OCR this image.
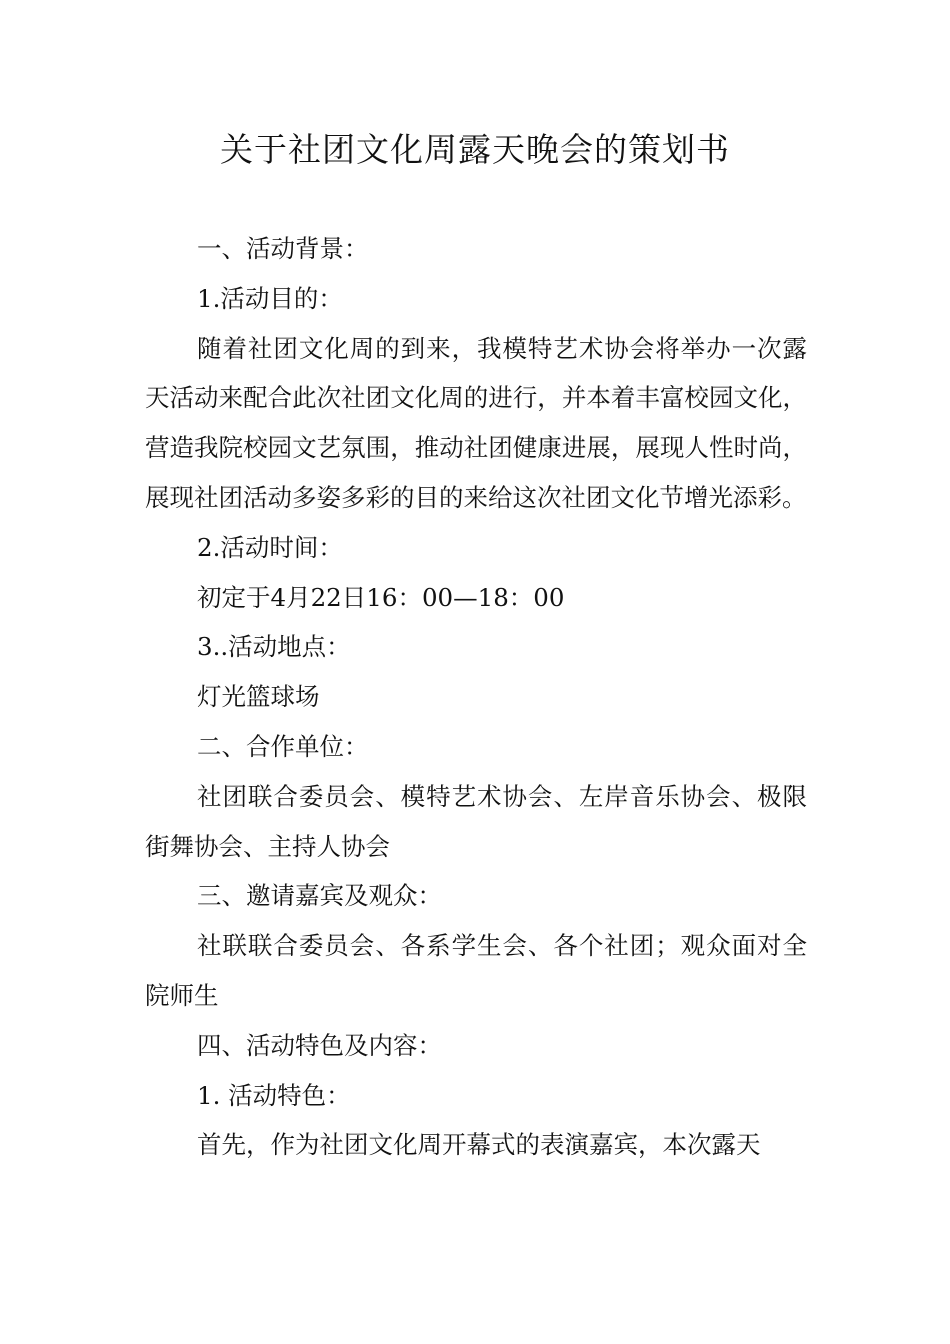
关于社团文化周露天晚会的策划书

一、活动背景：

1.活动目的：

随着社团文化周的到来，我模特艺术协会将举办一次露天活动来配合此次社团文化周的进行，并本着丰富校园文化，营造我院校园文艺氛围，推动社团健康进展，展现人性时尚，展现社团活动多姿多彩的目的来给这次社团文化节增光添彩。

2.活动时间：

初定于4月22日16：00—18：00

3..活动地点：

灯光篮球场

二、合作单位：

社团联合委员会、模特艺术协会、左岸音乐协会、极限街舞协会、主持人协会

三、邀请嘉宾及观众：

社联联合委员会、各系学生会、各个社团；观众面对全院师生

四、活动特色及内容：

1. 活动特色：

首先，作为社团文化周开幕式的表演嘉宾，本次露天
